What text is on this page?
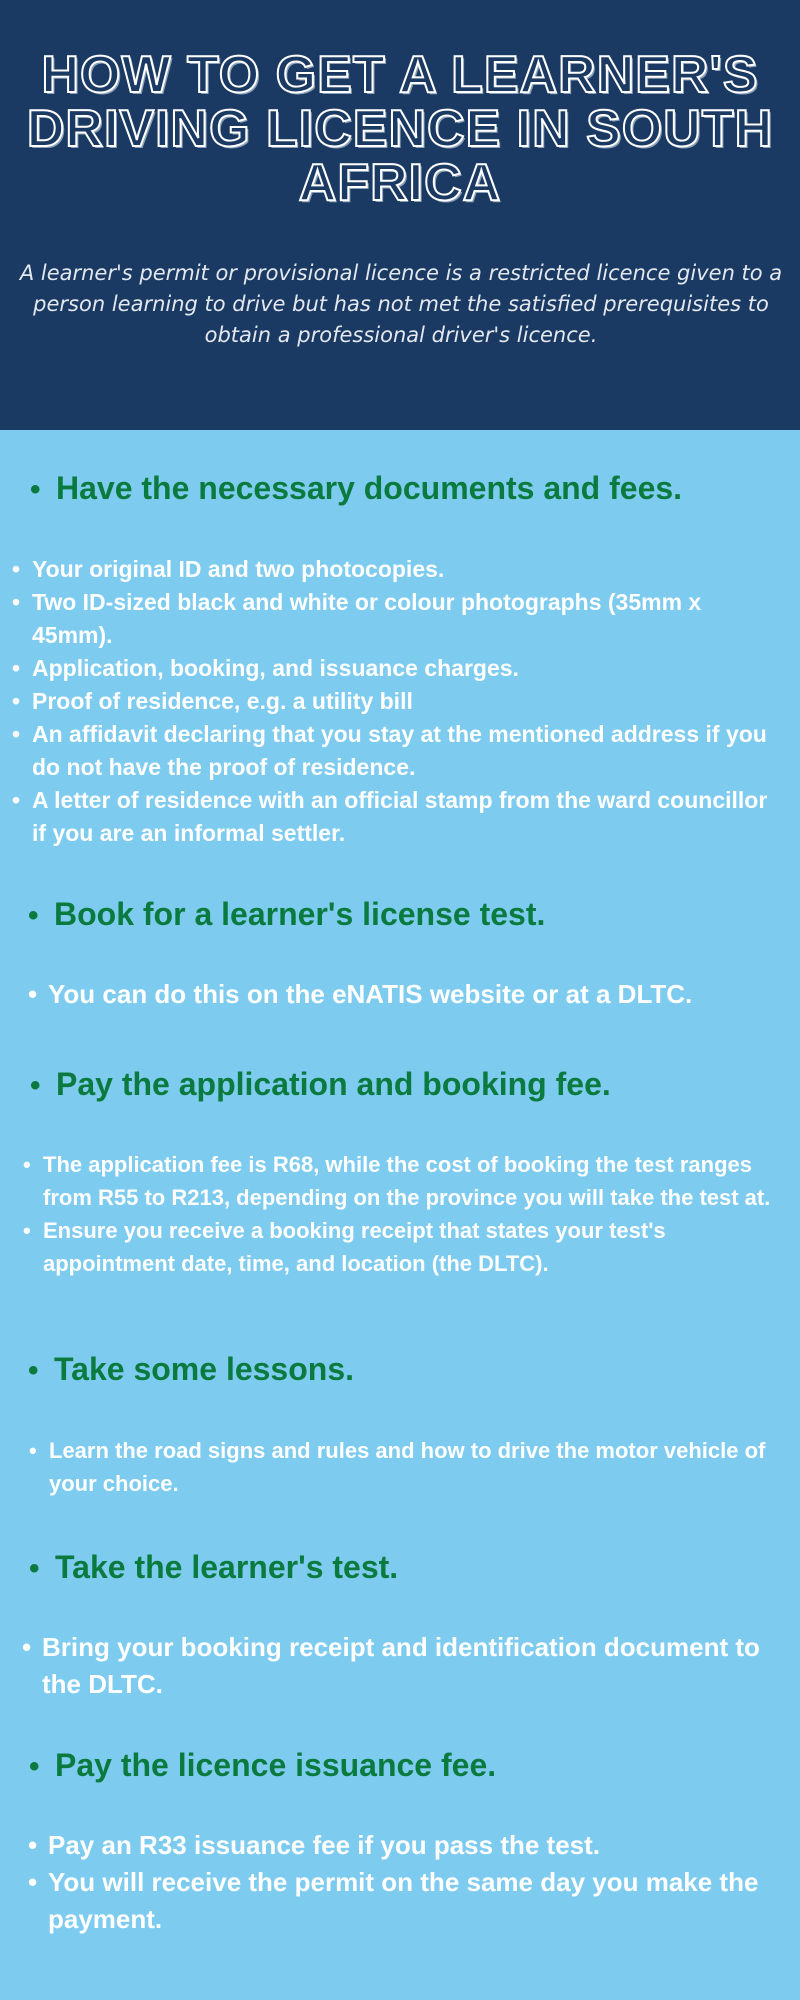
HOW TO GET A LEARNER'S DRIVING LICENCE IN SOUTH AFRICA

A learner's permit or provisional licence is a restricted licence given to a person learning to drive but has not met the satisfied prerequisites to obtain a professional driver's licence.

• Have the necessary documents and fees.
• Your original ID and two photocopies.
• Two ID-sized black and white or colour photographs (35mm x 45mm).
• Application, booking, and issuance charges.
• Proof of residence, e.g. a utility bill
• An affidavit declaring that you stay at the mentioned address if you do not have the proof of residence.
• A letter of residence with an official stamp from the ward councillor if you are an informal settler.
• Book for a learner's license test.
• You can do this on the eNATIS website or at a DLTC.
• Pay the application and booking fee.
• The application fee is R68, while the cost of booking the test ranges from R55 to R213, depending on the province you will take the test at.
• Ensure you receive a booking receipt that states your test's appointment date, time, and location (the DLTC).
• Take some lessons.
• Learn the road signs and rules and how to drive the motor vehicle of your choice.
• Take the learner's test.
• Bring your booking receipt and identification document to the DLTC.
• Pay the licence issuance fee.
• Pay an R33 issuance fee if you pass the test.
• You will receive the permit on the same day you make the payment.
